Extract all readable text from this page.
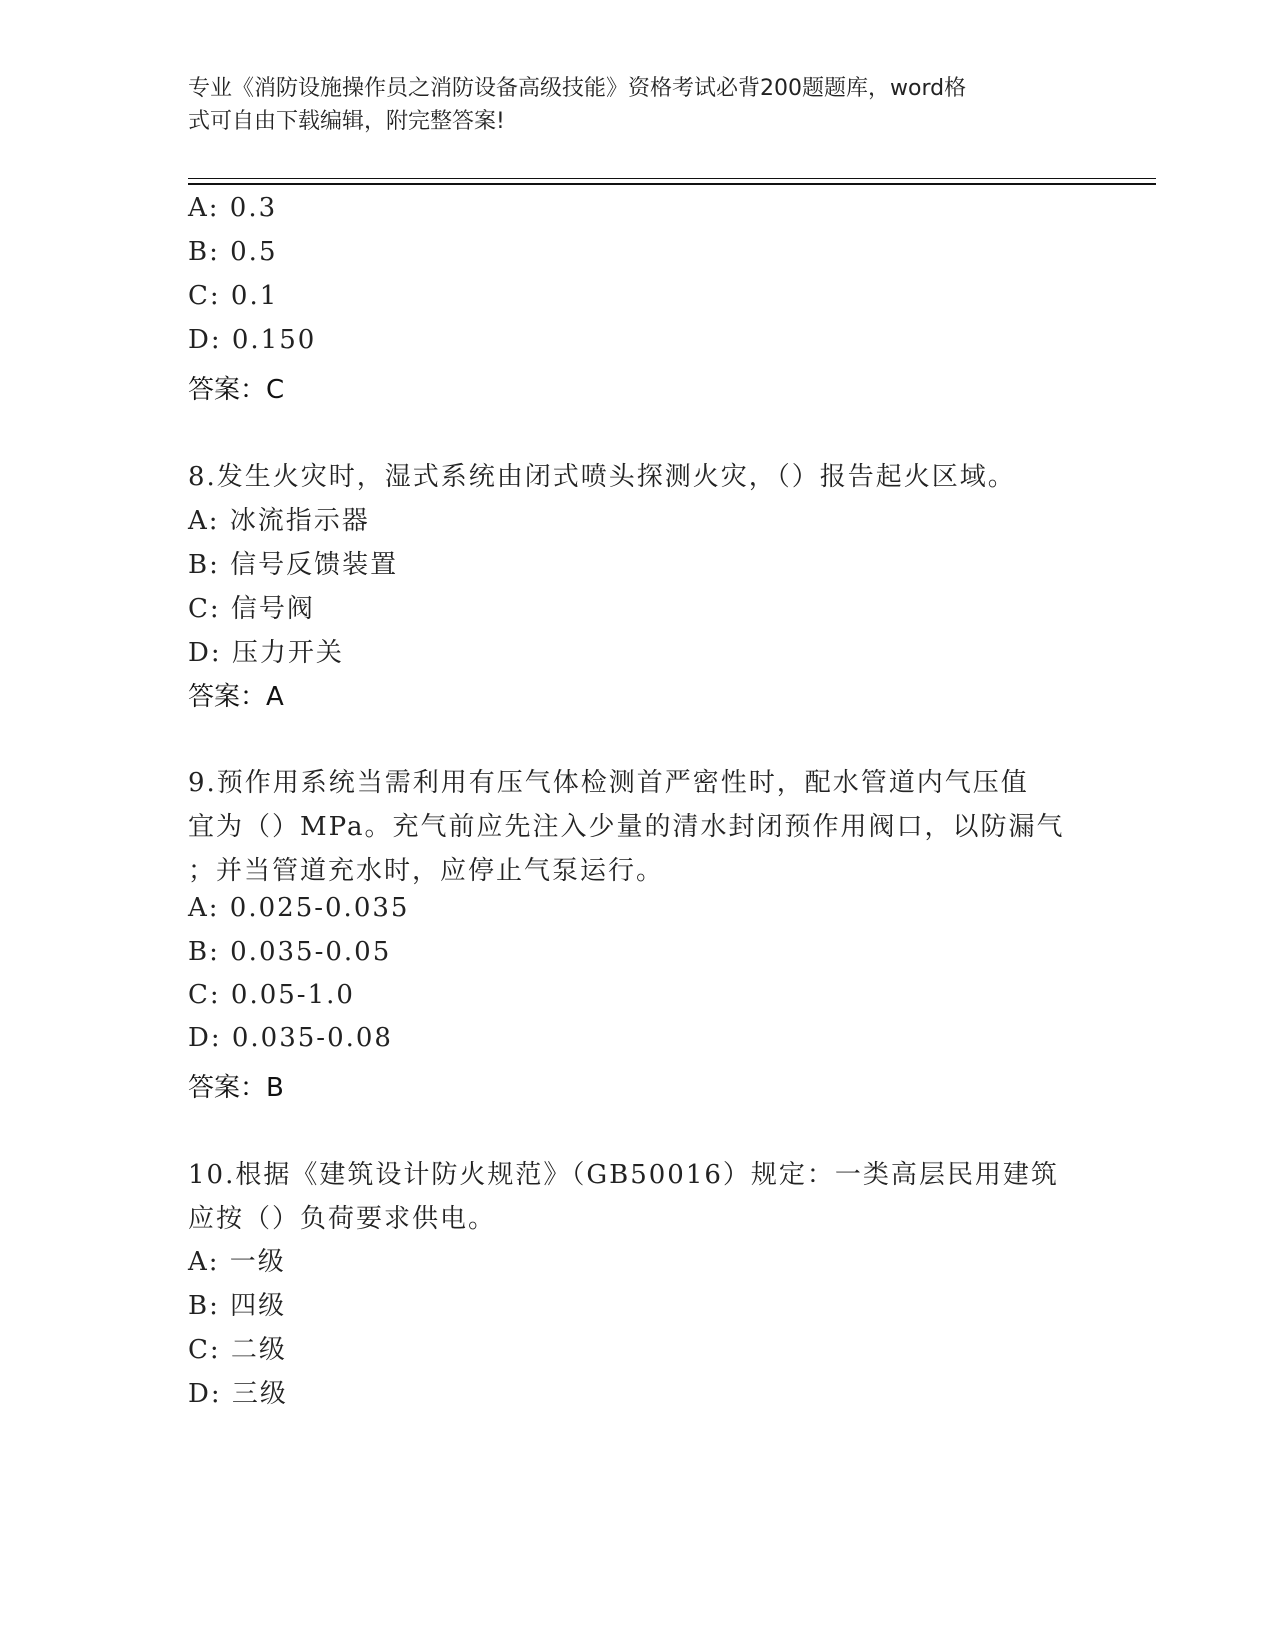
专业《消防设施操作员之消防设备高级技能》资格考试必背200题题库，word格
式可自由下载编辑，附完整答案!
A: 0.3
B: 0.5
C: 0.1
D: 0.150
答案：C
8.发生火灾时，湿式系统由闭式喷头探测火灾，（）报告起火区域。
A: 冰流指示器
B: 信号反馈装置
C: 信号阀
D: 压力开关
答案：A
9.预作用系统当需利用有压气体检测首严密性时，配水管道内气压值
宜为（）MPa。充气前应先注入少量的清水封闭预作用阀口，以防漏气
；并当管道充水时，应停止气泵运行。
A: 0.025-0.035
B: 0.035-0.05
C: 0.05-1.0
D: 0.035-0.08
答案：B
10.根据《建筑设计防火规范》（GB50016）规定：一类高层民用建筑
应按（）负荷要求供电。
A: 一级
B: 四级
C: 二级
D: 三级
